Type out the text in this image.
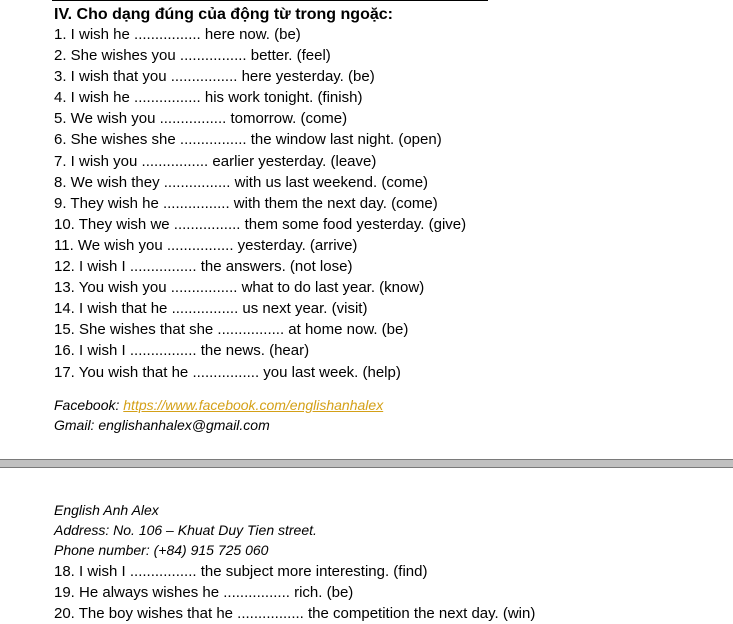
IV. Cho dạng đúng của động từ trong ngoặc:
1. I wish he ................ here now. (be)
2. She wishes you ................ better. (feel)
3. I wish that you ................ here yesterday. (be)
4. I wish he ................ his work tonight. (finish)
5. We wish you ................ tomorrow. (come)
6. She wishes she ................ the window last night. (open)
7. I wish you ................ earlier yesterday. (leave)
8. We wish they ................ with us last weekend. (come)
9. They wish he ................ with them the next day. (come)
10. They wish we ................ them some food yesterday. (give)
11. We wish you ................ yesterday. (arrive)
12. I wish I ................ the answers. (not lose)
13. You wish you ................ what to do last year. (know)
14. I wish that he ................ us next year. (visit)
15. She wishes that she ................ at home now. (be)
16. I wish I ................ the news. (hear)
17. You wish that he ................ you last week. (help)
Facebook: https://www.facebook.com/englishanhalex
Gmail: englishanhalex@gmail.com
English Anh Alex
Address: No. 106 – Khuat Duy Tien street.
Phone number: (+84) 915 725 060
18. I wish I ................ the subject more interesting. (find)
19. He always wishes he ................ rich. (be)
20. The boy wishes that he ................ the competition the next day. (win)
